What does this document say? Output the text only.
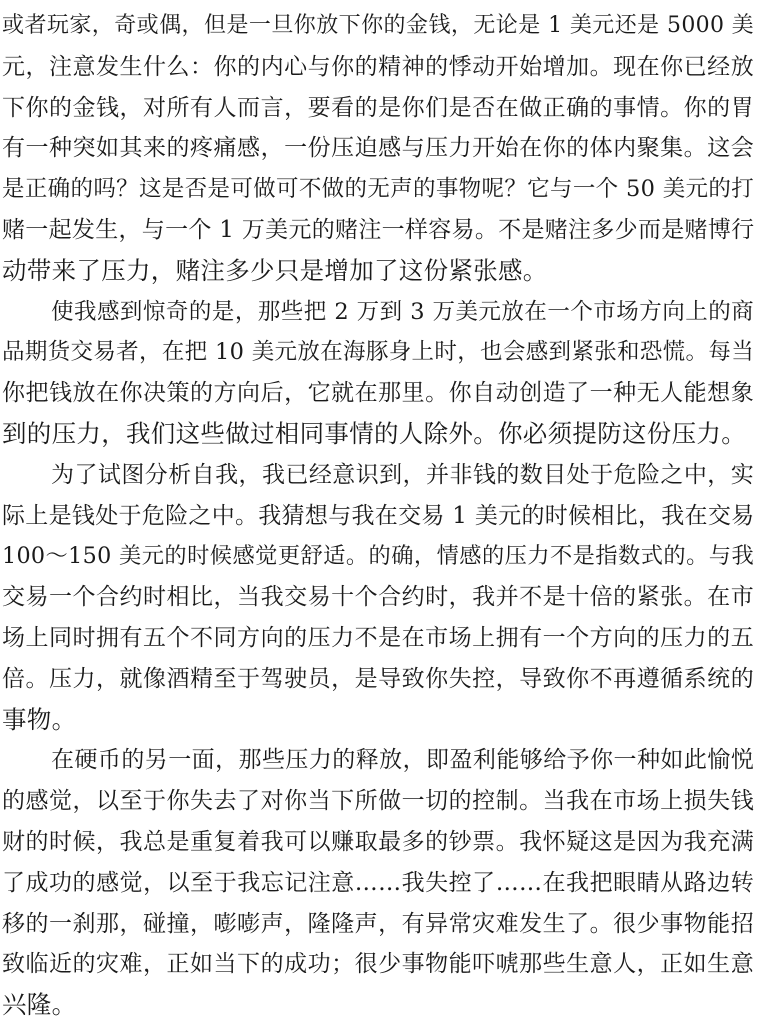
或者玩家，奇或偶，但是一旦你放下你的金钱，无论是 1 美元还是 5000 美
元，注意发生什么：你的内心与你的精神的悸动开始增加。现在你已经放
下你的金钱，对所有人而言，要看的是你们是否在做正确的事情。你的胃
有一种突如其来的疼痛感，一份压迫感与压力开始在你的体内聚集。这会
是正确的吗？这是否是可做可不做的无声的事物呢？它与一个 50 美元的打
赌一起发生，与一个 1 万美元的赌注一样容易。不是赌注多少而是赌博行
动带来了压力，赌注多少只是增加了这份紧张感。
使我感到惊奇的是，那些把 2 万到 3 万美元放在一个市场方向上的商
品期货交易者，在把 10 美元放在海豚身上时，也会感到紧张和恐慌。每当
你把钱放在你决策的方向后，它就在那里。你自动创造了一种无人能想象
到的压力，我们这些做过相同事情的人除外。你必须提防这份压力。
为了试图分析自我，我已经意识到，并非钱的数目处于危险之中，实
际上是钱处于危险之中。我猜想与我在交易 1 美元的时候相比，我在交易
100～150 美元的时候感觉更舒适。的确，情感的压力不是指数式的。与我
交易一个合约时相比，当我交易十个合约时，我并不是十倍的紧张。在市
场上同时拥有五个不同方向的压力不是在市场上拥有一个方向的压力的五
倍。压力，就像酒精至于驾驶员，是导致你失控，导致你不再遵循系统的
事物。
在硬币的另一面，那些压力的释放，即盈利能够给予你一种如此愉悦
的感觉，以至于你失去了对你当下所做一切的控制。当我在市场上损失钱
财的时候，我总是重复着我可以赚取最多的钞票。我怀疑这是因为我充满
了成功的感觉，以至于我忘记注意……我失控了……在我把眼睛从路边转
移的一刹那，碰撞，嘭嘭声，隆隆声，有异常灾难发生了。很少事物能招
致临近的灾难，正如当下的成功；很少事物能吓唬那些生意人，正如生意
兴隆。
